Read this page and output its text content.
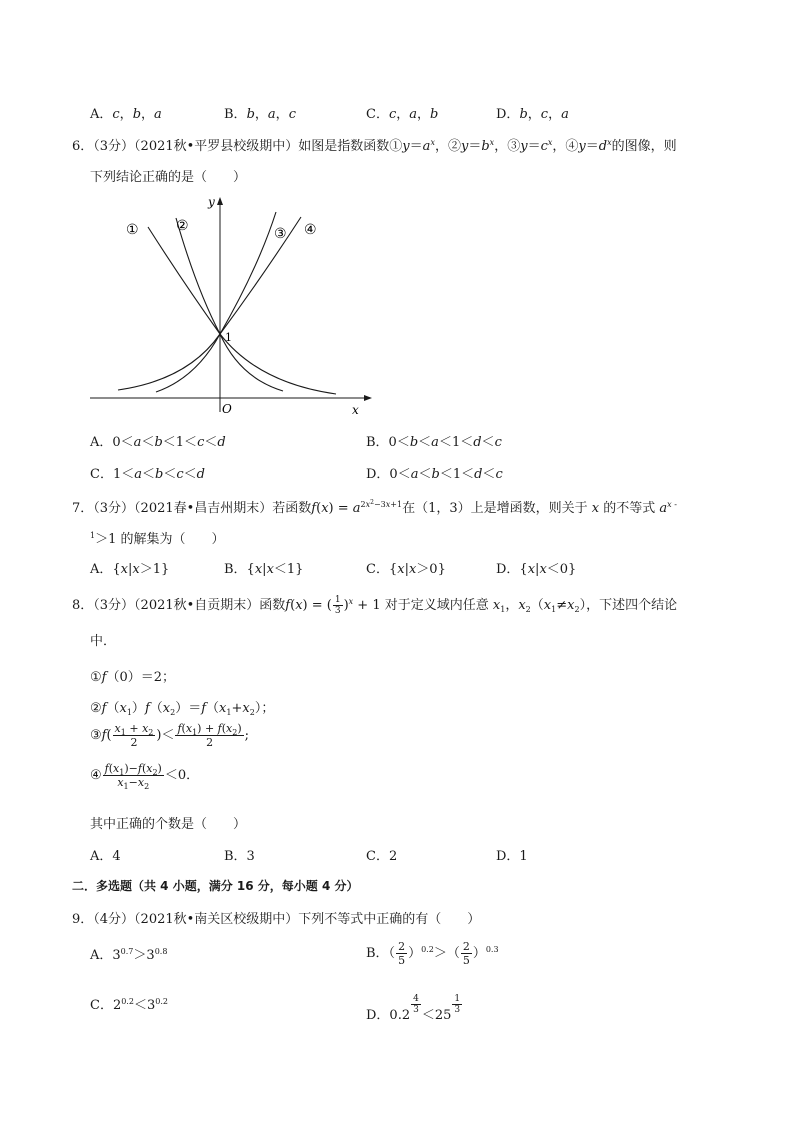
A．c，b，a	B．b，a，c	C．c，a，b	D．b，c，a
6．（3分）（2021秋•平罗县校级期中）如图是指数函数$①y=a^x$，$②y=b^x$，$③y=c^x$，$④y=d^x$的图像，则
下列结论正确的是（　　）
y
x
O
1
①	②	③ ④
A．0＜a＜b＜1＜c＜d	B．0＜b＜a＜1＜d＜c
C．1＜a＜b＜c＜d	D．0＜a＜b＜1＜d＜c
7．（3分）（2021春•昌吉州期末）若函数$f(x) = a^{2x^2-3x+1}$在（1，3）上是增函数，则关于 x 的不等式 $a^{x -}$
$^1$＞1 的解集为（　　）
A．{x|x＞1}	B．{x|x＜1}	C．{x|x＞0}	D．{x|x＜0}
8．（3分）（2021秋•自贡期末）函数f(x) = ( $\frac{1}{3} )^x + 1$ 对于定义域内任意 $x_1$，$x_2(x_1\ne x_2)$，下述四个结论
中．
①f（0）＝2；
$②f(x_1)f(x_2)=f(x_1+x_2)$；
③f( $\frac{x_1 + x_2}{2}$ )＜ $\frac{f(x_1) + f(x_2)}{2}$ ;
④ $\frac{f(x_1)-f(x_2)}{x_1-x_2} <0$．
其中正确的个数是（　　）
A．4	B．3	C．2	D．1
二．多选题（共 4 小题，满分 16 分，每小题 4 分）
9．（4分）（2021秋•南关区校级期中）下列不等式中正确的有（　　）
A．$3^{0.7}>3^{0.8}$	B．（ $\frac{2}{5} )^{0.2}>( \frac{2}{5} )^{0.3}$
C．$2^{0.2}<3^{0.2}$
D．0.2
$^{\frac{4}{3}}$
＜25
$^{\frac{1}{3}}$
